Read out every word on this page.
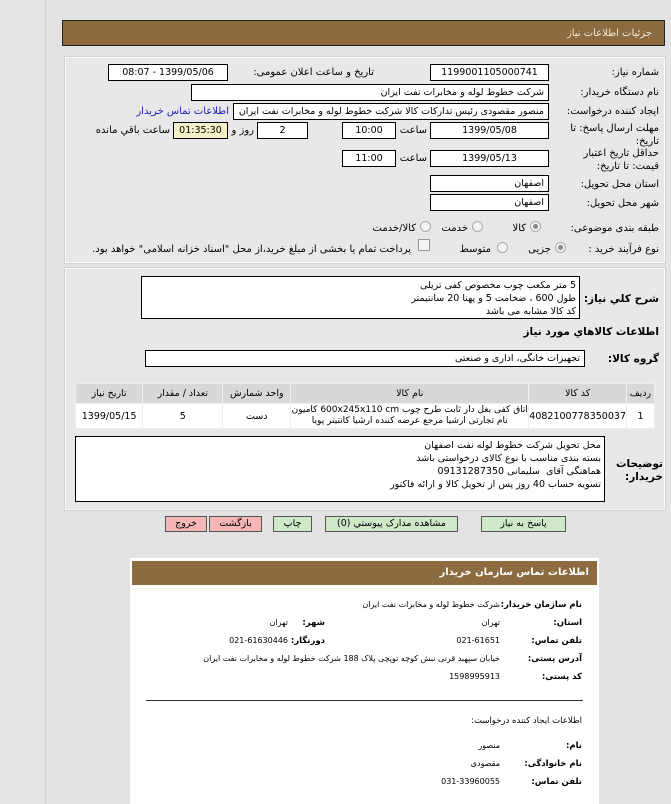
جزئیات اطلاعات نیاز
شماره نیاز:
1199001105000741
تاریخ و ساعت اعلان عمومی:
1399/05/06 - 08:07
نام دستگاه خریدار:
شرکت خطوط لوله و مخابرات نفت ایران
ایجاد کننده درخواست:
منصور مقصودی رئیس تدارکات کالا شرکت خطوط لوله و مخابرات نفت ایران
اطلاعات تماس خریدار
مهلت ارسال پاسخ: تا تاریخ:
1399/05/08
ساعت
10:00
2
روز و
01:35:30
ساعت باقي مانده
حداقل تاریخ اعتبار قیمت: تا تاریخ:
1399/05/13
ساعت
11:00
استان محل تحویل:
اصفهان
شهر محل تحویل:
اصفهان
طبقه بندی موضوعی:
کالا
خدمت
کالا/خدمت
نوع فرآیند خرید :
جزیی
متوسط
پرداخت تمام یا بخشی از مبلغ خرید،از محل "اسناد خزانه اسلامی" خواهد بود.
شرح كلي نياز:
5 متر مکعب چوب مخصوص کفی تریلی
طول 600 ، ضخامت 5 و پهنا 20 سانتیمتر
کد کالا مشابه می باشد
اطلاعات كالاهاي مورد نياز
گروه کالا:
تجهیزات خانگی، اداری و صنعتی
ردیف	کد کالا	نام کالا	واحد شمارش	تعداد / مقدار	تاریخ نیاز
1	4082100778350037	اتاق کفی بغل دار ثابت طرح چوب 600x245x110 cm کامیون
نام تجارتی ارشیا مرجع عرضه کننده ارشیا کانتینر پویا	دست	5	1399/05/15
توضیحات خریدار:
محل تحویل شرکت خطوط لوله نفت اصفهان
بسته بندی مناسب با نوع کالای درخواستی باشد
هماهنگی آقای  سلیمانی 09131287350
تسویه حساب 40 روز پس از تحویل کالا و ارائه فاکتور
پاسخ به نیاز
مشاهده مدارک پیوستي (0)
چاپ
بازگشت
خروج
اطلاعات تماس سازمان خریدار
نام سازمان خریدار:
شرکت خطوط لوله و مخابرات نفت ایران
استان:
تهران
شهر:
تهران
تلفن تماس:
021-61651
دورنگار:
021-61630446
آدرس پستی:
خیابان سپهبد قرنی نبش کوچه توپچی پلاک 188 شرکت خطوط لوله و مخابرات نفت ایران
کد پستی:
1598995913
اطلاعات ایجاد کننده درخواست:
نام:
منصور
نام خانوادگی:
مقصودی
تلفن تماس:
031-33960055
